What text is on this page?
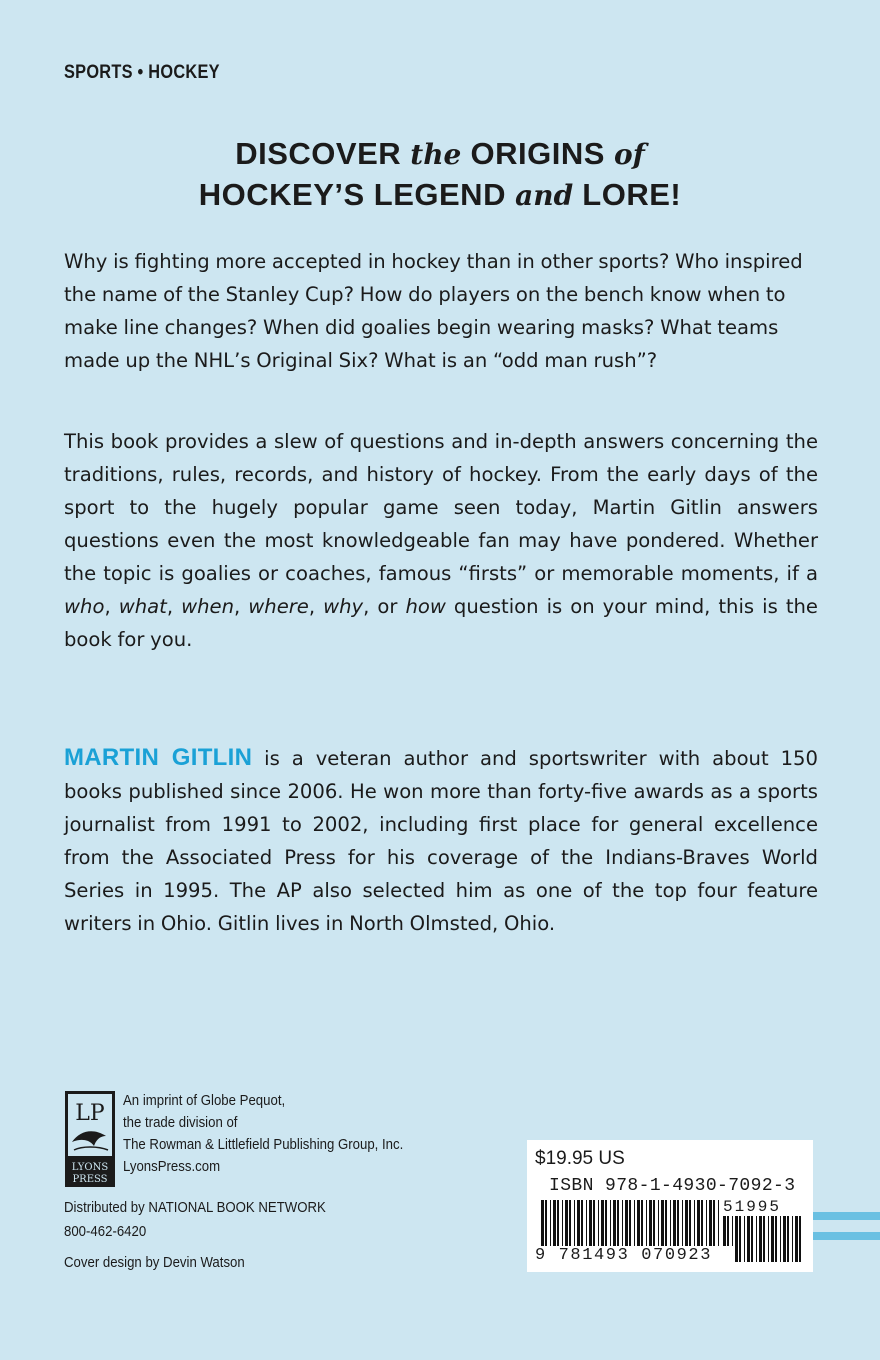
SPORTS • HOCKEY
DISCOVER the ORIGINS of
HOCKEY’S LEGEND and LORE!
Why is fighting more accepted in hockey than in other sports? Who inspired the name of the Stanley Cup? How do players on the bench know when to make line changes? When did goalies begin wearing masks? What teams made up the NHL’s Original Six? What is an “odd man rush”?
This book provides a slew of questions and in-depth answers concerning the traditions, rules, records, and history of hockey. From the early days of the sport to the hugely popular game seen today, Martin Gitlin answers questions even the most knowledgeable fan may have pondered. Whether the topic is goalies or coaches, famous “firsts” or memorable moments, if a who, what, when, where, why, or how question is on your mind, this is the book for you.
MARTIN GITLIN is a veteran author and sportswriter with about 150 books published since 2006. He won more than forty-five awards as a sports journalist from 1991 to 2002, including first place for general excellence from the Associated Press for his coverage of the Indians-Braves World Series in 1995. The AP also selected him as one of the top four feature writers in Ohio. Gitlin lives in North Olmsted, Ohio.
LP
LYONS
PRESS
An imprint of Globe Pequot,
the trade division of
The Rowman & Littlefield Publishing Group, Inc.
LyonsPress.com
Distributed by NATIONAL BOOK NETWORK
800-462-6420
Cover design by Devin Watson
$19.95 US
ISBN 978-1-4930-7092-3
51995
9 781493 070923
